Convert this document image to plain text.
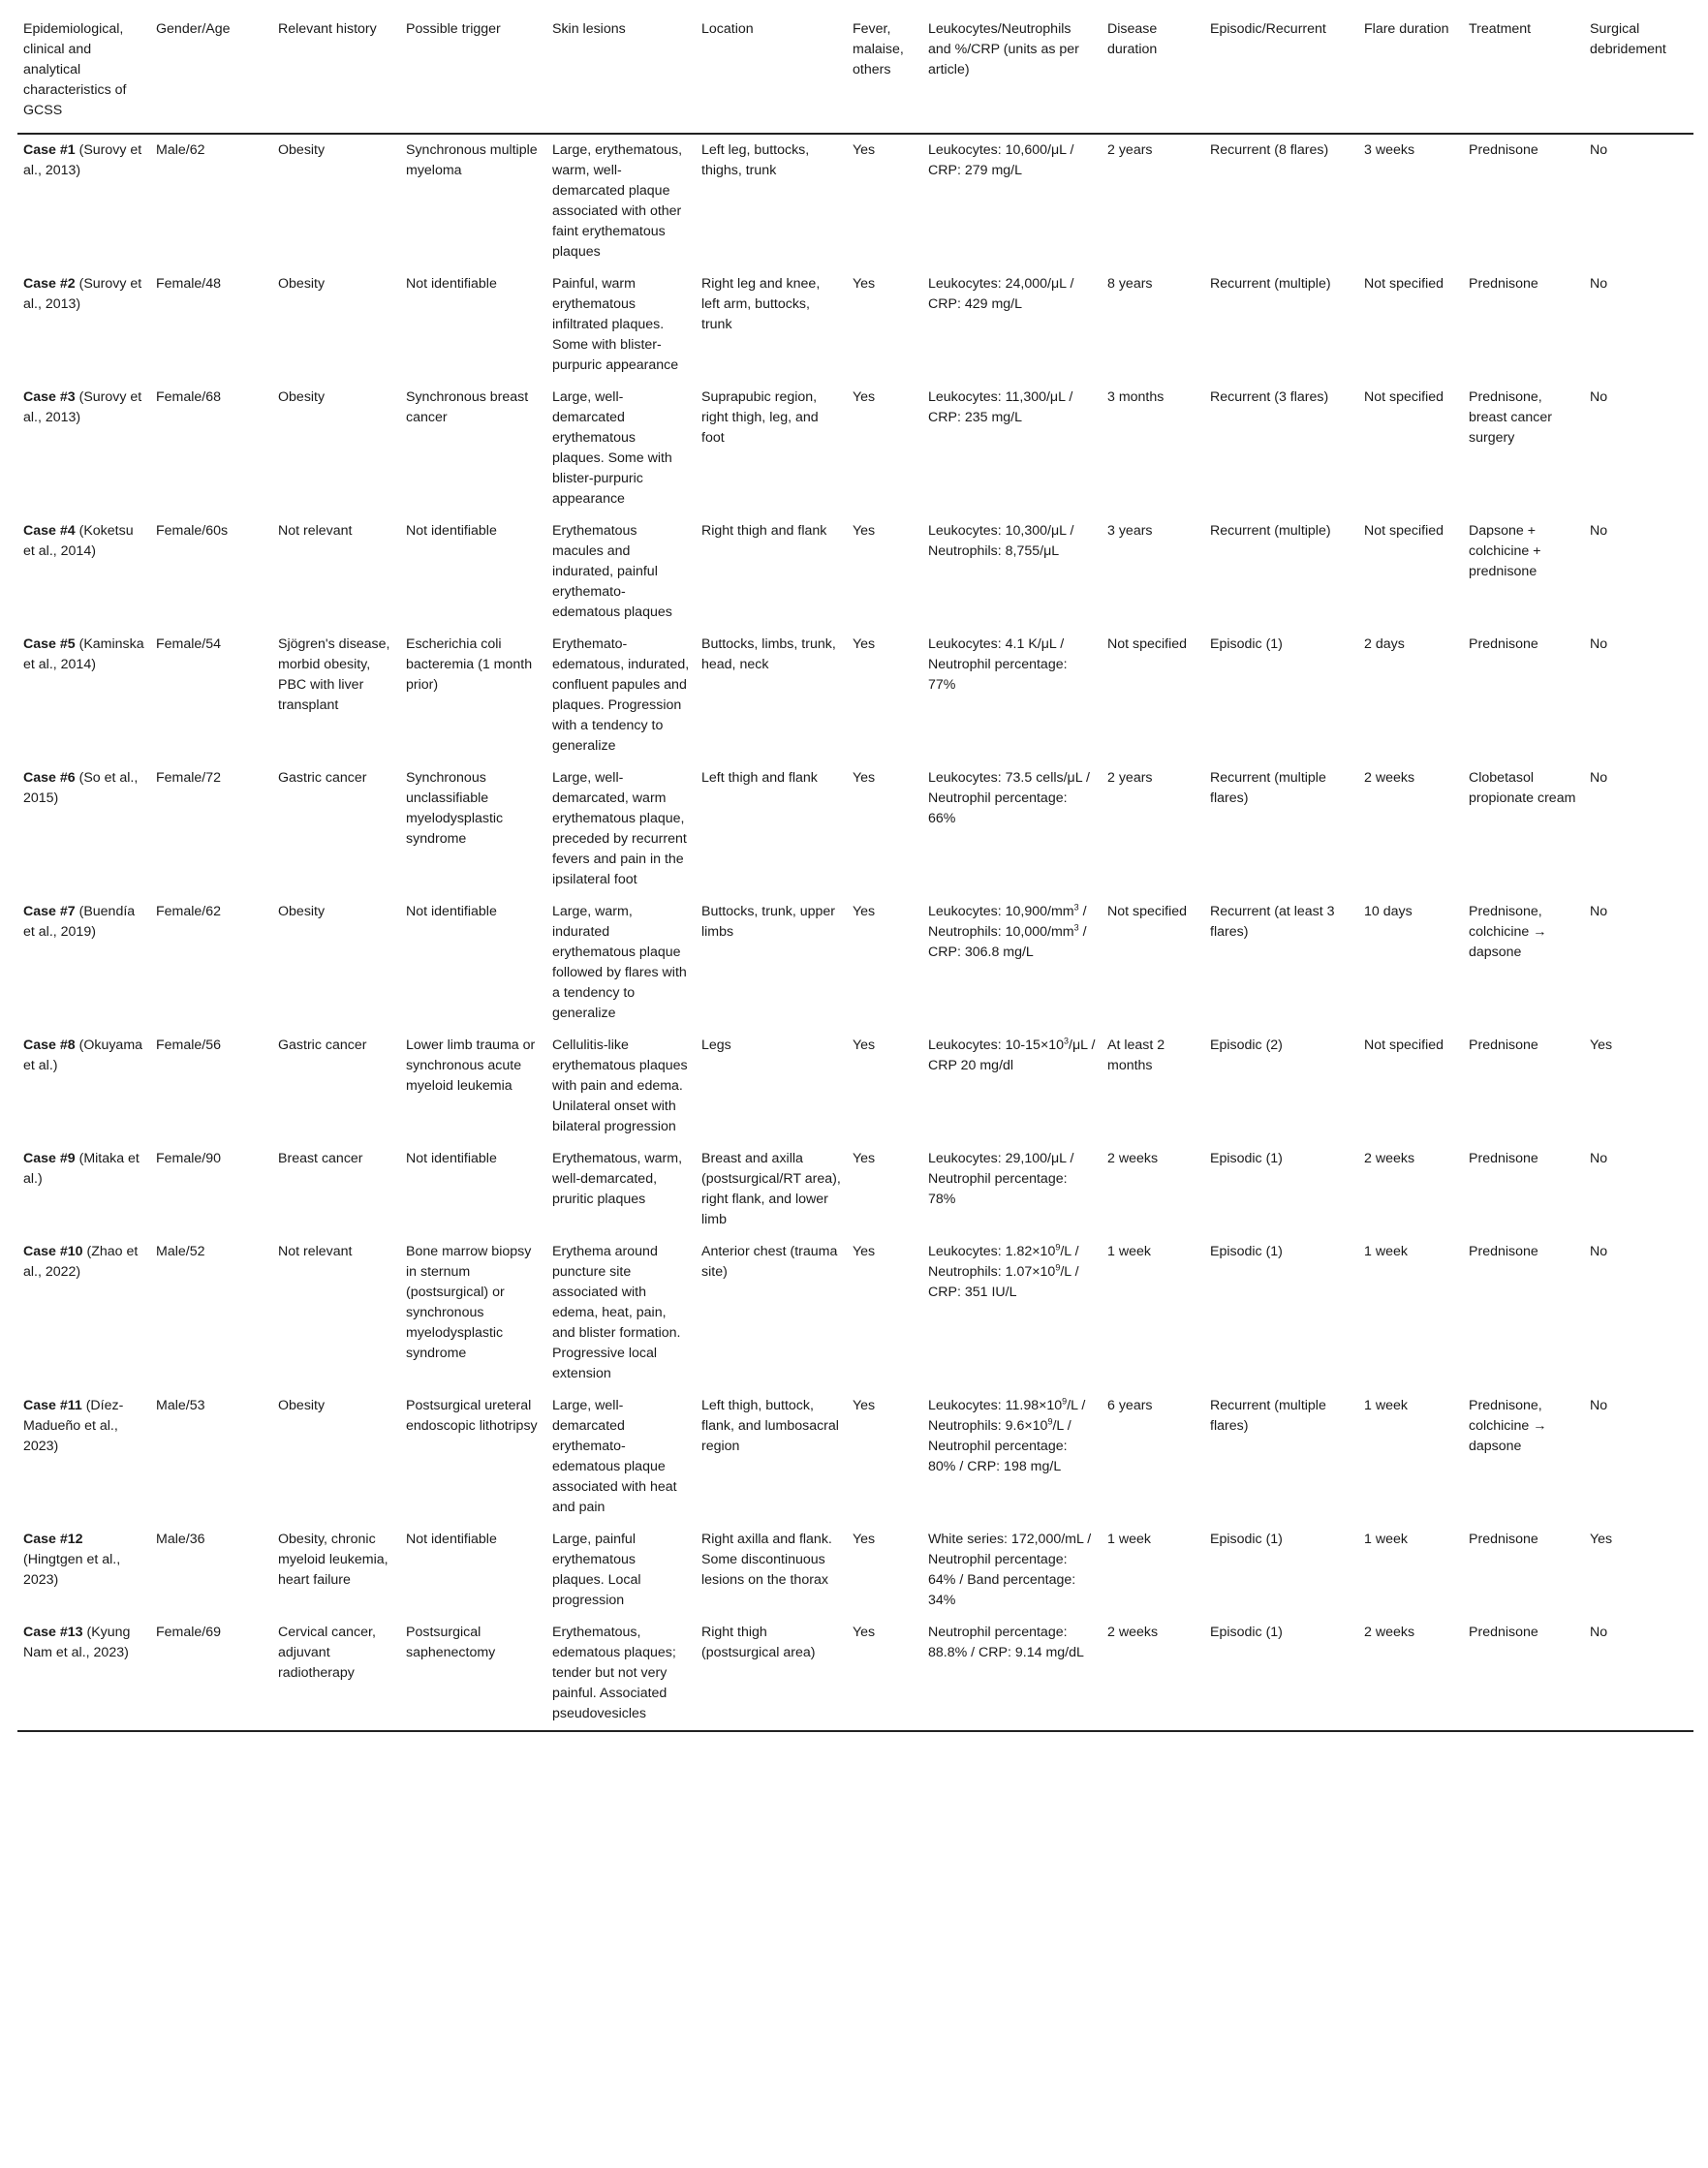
Epidemiological, clinical and analytical characteristics of GCSS	Gender/Age	Relevant history	Possible trigger	Skin lesions	Location	Fever, malaise, others	Leukocytes/Neutrophils and %/CRP (units as per article)	Disease duration	Episodic/Recurrent	Flare duration	Treatment	Surgical debridement
Case #1 (Surovy et al., 2013)	Male/62	Obesity	Synchronous multiple myeloma	Large, erythematous, warm, well-demarcated plaque associated with other faint erythematous plaques	Left leg, buttocks, thighs, trunk	Yes	Leukocytes: 10,600/μL / CRP: 279 mg/L	2 years	Recurrent (8 flares)	3 weeks	Prednisone	No
Case #2 (Surovy et al., 2013)	Female/48	Obesity	Not identifiable	Painful, warm erythematous infiltrated plaques. Some with blister-purpuric appearance	Right leg and knee, left arm, buttocks, trunk	Yes	Leukocytes: 24,000/μL / CRP: 429 mg/L	8 years	Recurrent (multiple)	Not specified	Prednisone	No
Case #3 (Surovy et al., 2013)	Female/68	Obesity	Synchronous breast cancer	Large, well-demarcated erythematous plaques. Some with blister-purpuric appearance	Suprapubic region, right thigh, leg, and foot	Yes	Leukocytes: 11,300/μL / CRP: 235 mg/L	3 months	Recurrent (3 flares)	Not specified	Prednisone, breast cancer surgery	No
Case #4 (Koketsu et al., 2014)	Female/60s	Not relevant	Not identifiable	Erythematous macules and indurated, painful erythemato-edematous plaques	Right thigh and flank	Yes	Leukocytes: 10,300/μL / Neutrophils: 8,755/μL	3 years	Recurrent (multiple)	Not specified	Dapsone + colchicine + prednisone	No
Case #5 (Kaminska et al., 2014)	Female/54	Sjögren's disease, morbid obesity, PBC with liver transplant	Escherichia coli bacteremia (1 month prior)	Erythemato-edematous, indurated, confluent papules and plaques. Progression with a tendency to generalize	Buttocks, limbs, trunk, head, neck	Yes	Leukocytes: 4.1 K/μL / Neutrophil percentage: 77%	Not specified	Episodic (1)	2 days	Prednisone	No
Case #6 (So et al., 2015)	Female/72	Gastric cancer	Synchronous unclassifiable myelodysplastic syndrome	Large, well-demarcated, warm erythematous plaque, preceded by recurrent fevers and pain in the ipsilateral foot	Left thigh and flank	Yes	Leukocytes: 73.5 cells/μL / Neutrophil percentage: 66%	2 years	Recurrent (multiple flares)	2 weeks	Clobetasol propionate cream	No
Case #7 (Buendía et al., 2019)	Female/62	Obesity	Not identifiable	Large, warm, indurated erythematous plaque followed by flares with a tendency to generalize	Buttocks, trunk, upper limbs	Yes	Leukocytes: $10,900/mm^3$ / Neutrophils: $10,000/mm^3$ / CRP: 306.8 mg/L	Not specified	Recurrent (at least 3 flares)	10 days	Prednisone, colchicine → dapsone	No
Case #8 (Okuyama et al.)	Female/56	Gastric cancer	Lower limb trauma or synchronous acute myeloid leukemia	Cellulitis-like erythematous plaques with pain and edema. Unilateral onset with bilateral progression	Legs	Yes	Leukocytes: $10-15\times 10^3/\mu L$ / CRP 20 mg/dl	At least 2 months	Episodic (2)	Not specified	Prednisone	Yes
Case #9 (Mitaka et al.)	Female/90	Breast cancer	Not identifiable	Erythematous, warm, well-demarcated, pruritic plaques	Breast and axilla (postsurgical/RT area), right flank, and lower limb	Yes	Leukocytes: 29,100/μL / Neutrophil percentage: 78%	2 weeks	Episodic (1)	2 weeks	Prednisone	No
Case #10 (Zhao et al., 2022)	Male/52	Not relevant	Bone marrow biopsy in sternum (postsurgical) or synchronous myelodysplastic syndrome	Erythema around puncture site associated with edema, heat, pain, and blister formation. Progressive local extension	Anterior chest (trauma site)	Yes	Leukocytes: $1.82\times 10^9/L$ / Neutrophils: $1.07\times 10^9/L$ / CRP: 351 IU/L	1 week	Episodic (1)	1 week	Prednisone	No
Case #11 (Díez-Madueño et al., 2023)	Male/53	Obesity	Postsurgical ureteral endoscopic lithotripsy	Large, well-demarcated erythemato-edematous plaque associated with heat and pain	Left thigh, buttock, flank, and lumbosacral region	Yes	Leukocytes: $11.98\times 10^9/L$ / Neutrophils: $9.6\times 10^9/L$ / Neutrophil percentage: 80% / CRP: 198 mg/L	6 years	Recurrent (multiple flares)	1 week	Prednisone, colchicine → dapsone	No
Case #12 (Hingtgen et al., 2023)	Male/36	Obesity, chronic myeloid leukemia, heart failure	Not identifiable	Large, painful erythematous plaques. Local progression	Right axilla and flank. Some discontinuous lesions on the thorax	Yes	White series: 172,000/mL / Neutrophil percentage: 64% / Band percentage: 34%	1 week	Episodic (1)	1 week	Prednisone	Yes
Case #13 (Kyung Nam et al., 2023)	Female/69	Cervical cancer, adjuvant radiotherapy	Postsurgical saphenectomy	Erythematous, edematous plaques; tender but not very painful. Associated pseudovesicles	Right thigh (postsurgical area)	Yes	Neutrophil percentage: 88.8% / CRP: 9.14 mg/dL	2 weeks	Episodic (1)	2 weeks	Prednisone	No
